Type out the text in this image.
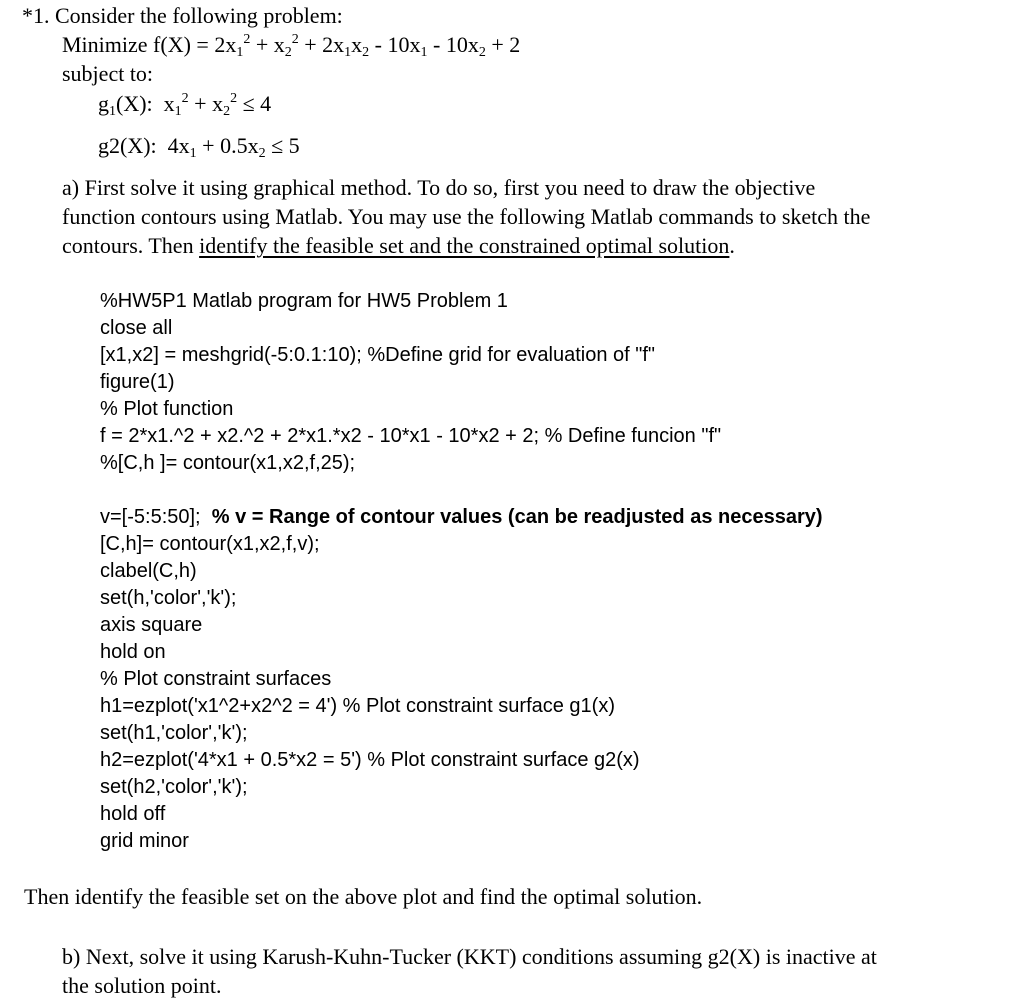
*1. Consider the following problem:
Minimize $f(X) = 2x_1^2 + x_2^2 + 2x_1x_2 - 10x_1 - 10x_2 + 2$
subject to:
$g_1(X)$:  $x_1^2 + x_2^2 \le 4$
g2(X):  $4x_1 + 0.5x_2 \le 5$
a) First solve it using graphical method. To do so, first you need to draw the objective
function contours using Matlab. You may use the following Matlab commands to sketch the
contours. Then identify the feasible set and the constrained optimal solution.
%HW5P1 Matlab program for HW5 Problem 1
close all
[x1,x2] = meshgrid(-5:0.1:10); %Define grid for evaluation of "f"
figure(1)
% Plot function
f = 2*x1.^2 + x2.^2 + 2*x1.*x2 - 10*x1 - 10*x2 + 2; % Define funcion "f"
%[C,h ]= contour(x1,x2,f,25);
v=[-5:5:50]; % v = Range of contour values (can be readjusted as necessary)
[C,h]= contour(x1,x2,f,v);
clabel(C,h)
set(h,'color','k');
axis square
hold on
% Plot constraint surfaces
h1=ezplot('x1^2+x2^2 = 4') % Plot constraint surface g1(x)
set(h1,'color','k');
h2=ezplot('4*x1 + 0.5*x2 = 5') % Plot constraint surface g2(x)
set(h2,'color','k');
hold off
grid minor
Then identify the feasible set on the above plot and find the optimal solution.
b) Next, solve it using Karush-Kuhn-Tucker (KKT) conditions assuming g2(X) is inactive at
the solution point.
